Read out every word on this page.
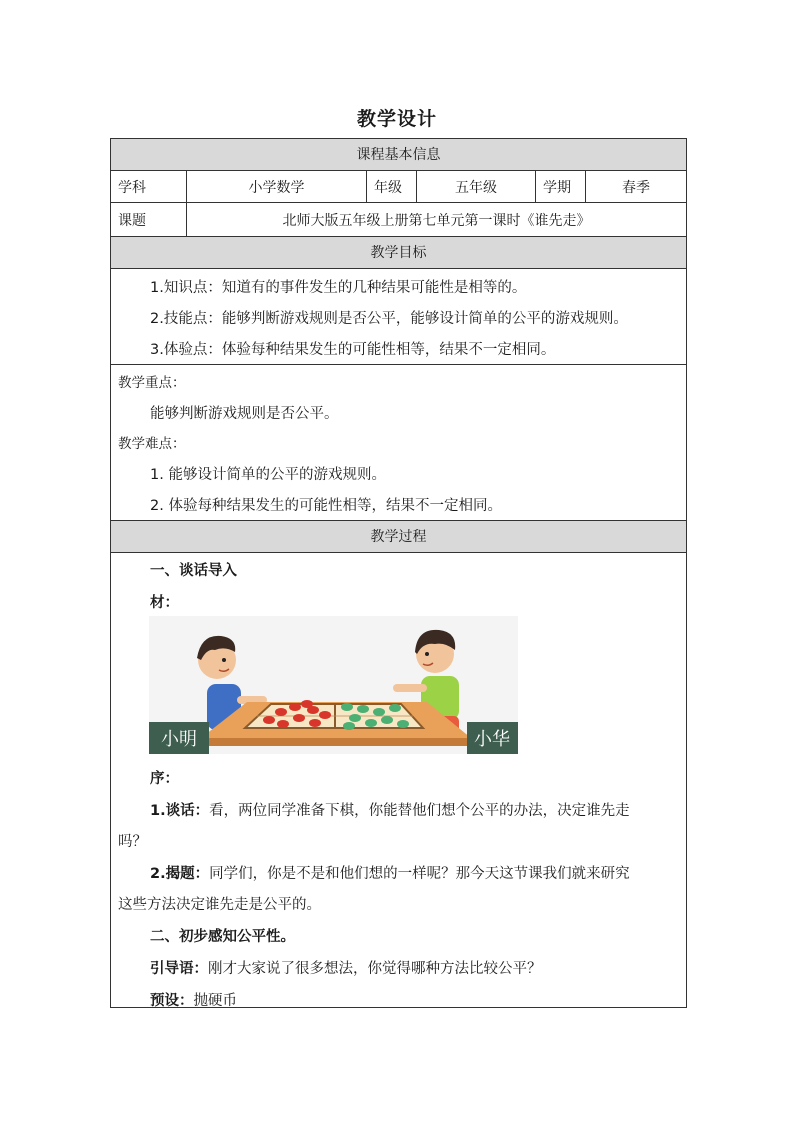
教学设计
课程基本信息
学科	小学数学	年级	五年级	学期	春季
课题	北师大版五年级上册第七单元第一课时《谁先走》
教学目标
1.知识点：知道有的事件发生的几种结果可能性是相等的。
2.技能点：能够判断游戏规则是否公平，能够设计简单的公平的游戏规则。
3.体验点：体验每种结果发生的可能性相等，结果不一定相同。
教学重点：
能够判断游戏规则是否公平。
教学难点：
1. 能够设计简单的公平的游戏规则。
2. 体验每种结果发生的可能性相等，结果不一定相同。
教学过程
一、谈话导入
材：
序：
1.谈话：看，两位同学准备下棋，你能替他们想个公平的办法，决定谁先走
吗？
2.揭题：同学们，你是不是和他们想的一样呢？那今天这节课我们就来研究
这些方法决定谁先走是公平的。
二、初步感知公平性。
引导语：刚才大家说了很多想法，你觉得哪种方法比较公平？
预设：抛硬币
小明	小华
